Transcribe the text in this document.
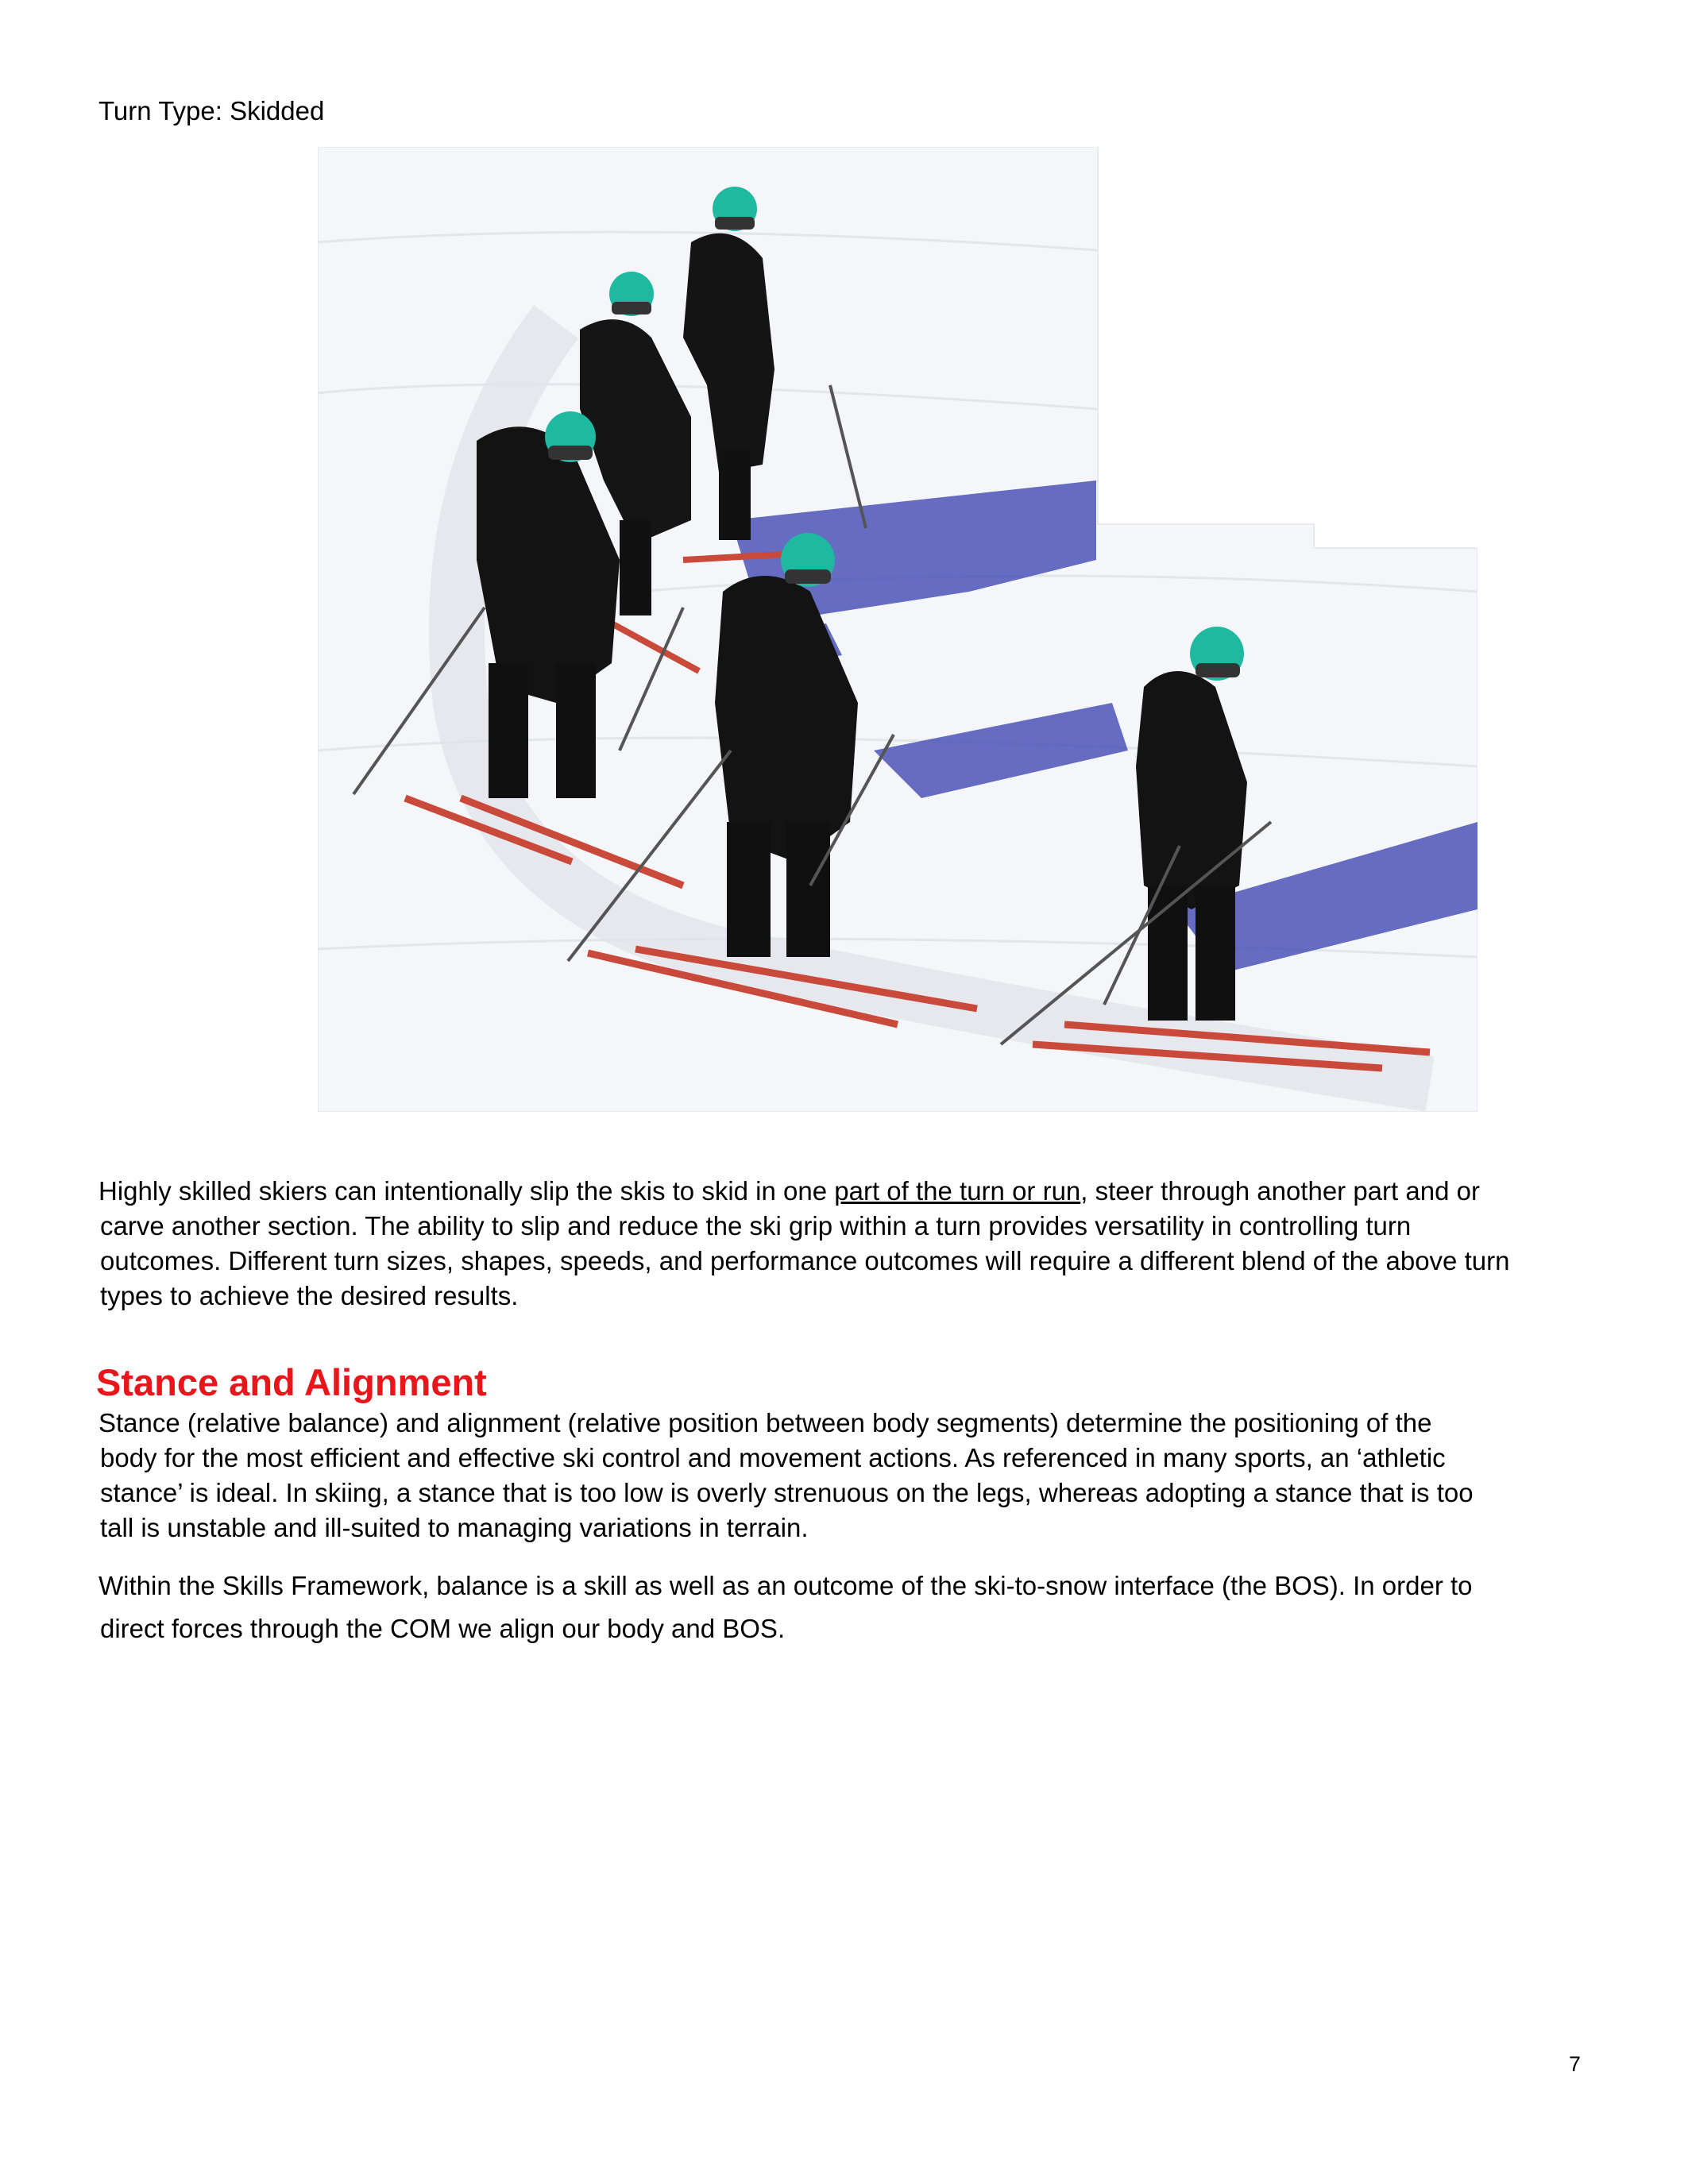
Turn Type: Skidded
Highly skilled skiers can intentionally slip the skis to skid in one part of the turn or run, steer through another part and or
carve another section. The ability to slip and reduce the ski grip within a turn provides versatility in controlling turn
outcomes. Different turn sizes, shapes, speeds, and performance outcomes will require a different blend of the above turn
types to achieve the desired results.
Stance and Alignment
Stance (relative balance) and alignment (relative position between body segments) determine the positioning of the
body for the most efficient and effective ski control and movement actions. As referenced in many sports, an ‘athletic
stance’ is ideal. In skiing, a stance that is too low is overly strenuous on the legs, whereas adopting a stance that is too
tall is unstable and ill-suited to managing variations in terrain.
Within the Skills Framework, balance is a skill as well as an outcome of the ski-to-snow interface (the BOS). In order to
direct forces through the COM we align our body and BOS.
7
